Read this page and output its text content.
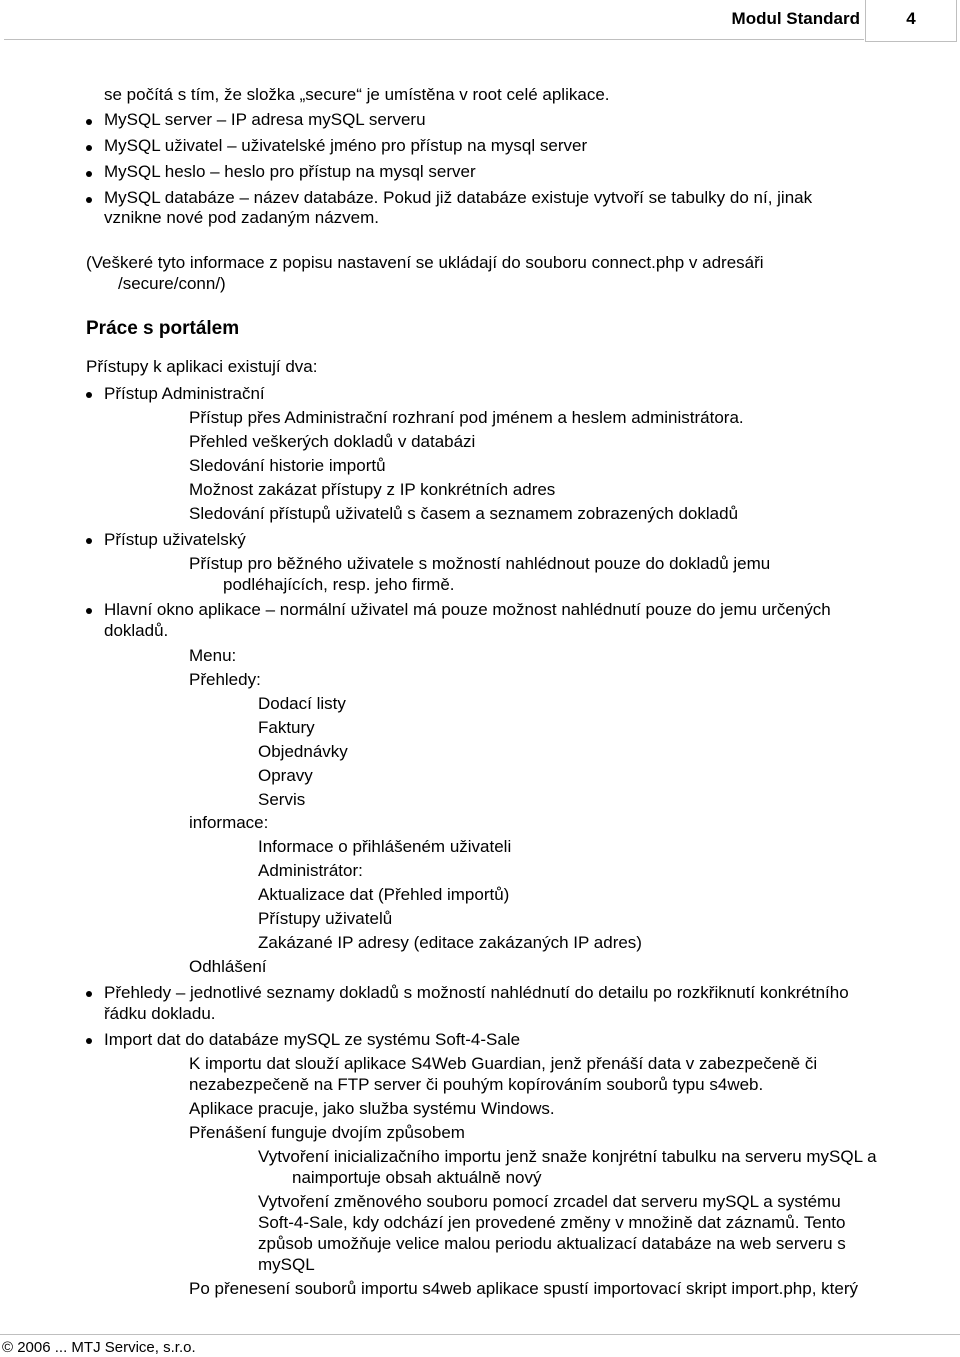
Modul Standard	4
se počítá s tím, že složka „secure“ je umístěna v root celé aplikace.
MySQL server – IP adresa mySQL serveru
MySQL uživatel – uživatelské jméno pro přístup na mysql server
MySQL heslo – heslo pro přístup na mysql server
MySQL databáze – název databáze. Pokud již databáze existuje vytvoří se tabulky do ní, jinak
vznikne nové pod zadaným názvem.
(Veškeré tyto informace z popisu nastavení se ukládají do souboru connect.php v adresáři
/secure/conn/)
Práce s portálem
Přístupy k aplikaci existují dva:
Přístup Administrační
Přístup přes Administrační rozhraní pod jménem a heslem administrátora.
Přehled veškerých dokladů v databázi
Sledování historie importů
Možnost zakázat přístupy z IP konkrétních adres
Sledování přístupů uživatelů s časem a seznamem zobrazených dokladů
Přístup uživatelský
Přístup pro běžného uživatele s možností nahlédnout pouze do dokladů jemu
podléhajících, resp. jeho firmě.
Hlavní okno aplikace – normální uživatel má pouze možnost nahlédnutí pouze do jemu určených
dokladů.
Menu:
Přehledy:
Dodací listy
Faktury
Objednávky
Opravy
Servis
informace:
Informace o přihlášeném uživateli
Administrátor:
Aktualizace dat (Přehled importů)
Přístupy uživatelů
Zakázané IP adresy (editace zakázaných IP adres)
Odhlášení
Přehledy – jednotlivé seznamy dokladů s možností nahlédnutí do detailu po rozkřiknutí konkrétního
řádku dokladu.
Import dat do databáze mySQL ze systému Soft-4-Sale
K importu dat slouží aplikace S4Web Guardian, jenž přenáší data v zabezpečeně či
nezabezpečeně na FTP server či pouhým kopírováním souborů typu s4web.
Aplikace pracuje, jako služba systému Windows.
Přenášení funguje dvojím způsobem
Vytvoření inicializačního importu jenž snaže konjrétní tabulku na serveru mySQL a
naimportuje obsah aktuálně nový
Vytvoření změnového souboru pomocí zrcadel dat serveru mySQL a systému
Soft-4-Sale, kdy odchází jen provedené změny v množině dat záznamů. Tento
způsob umožňuje velice malou periodu aktualizací databáze na web serveru s
mySQL
Po přenesení souborů importu s4web aplikace spustí importovací skript import.php, který
© 2006 ... MTJ Service, s.r.o.
